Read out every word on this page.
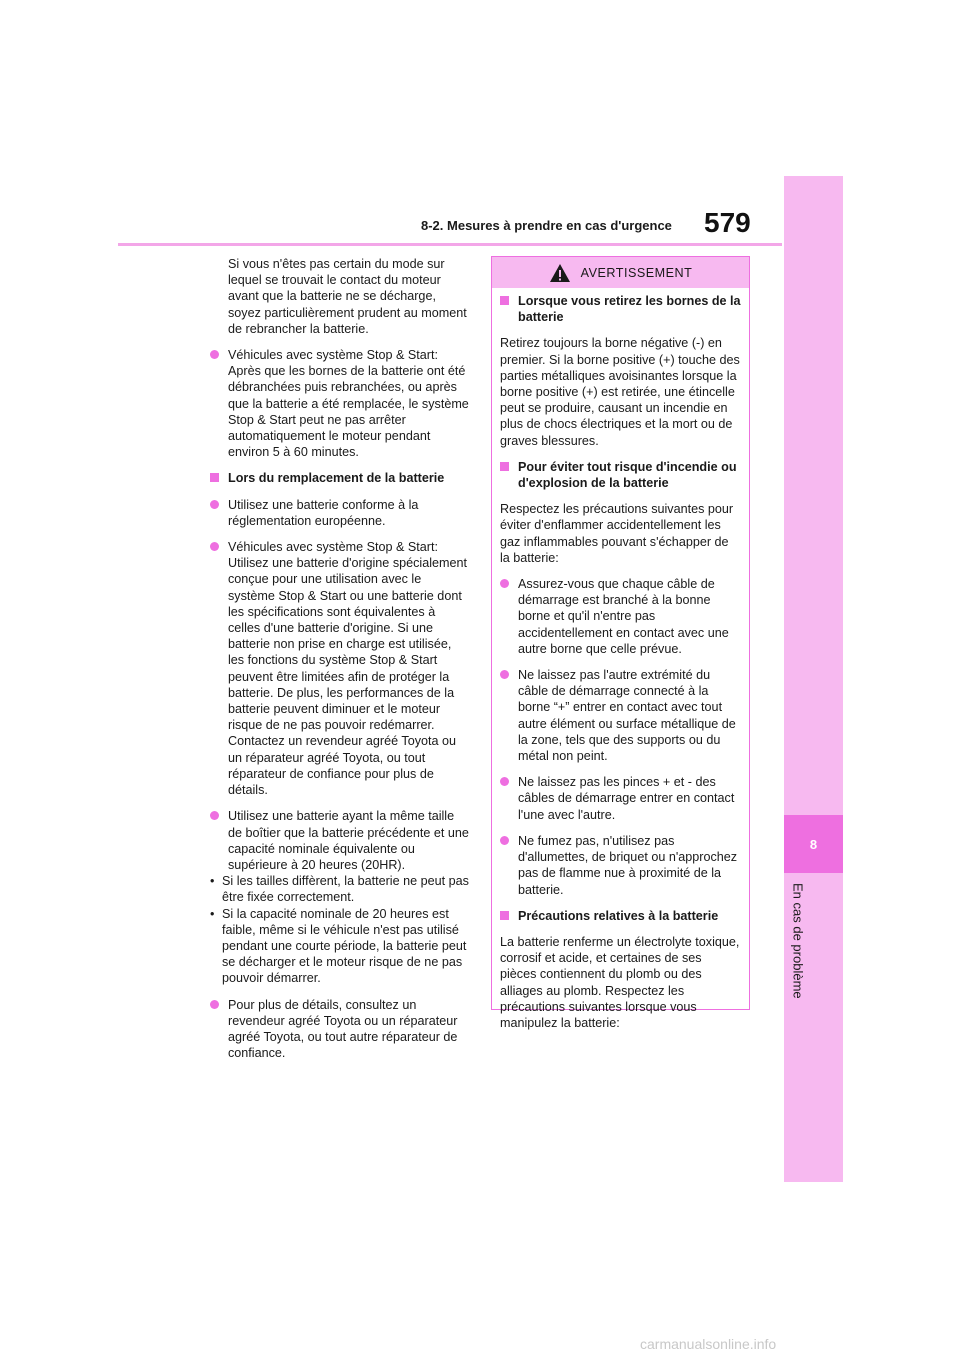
8-2. Mesures à prendre en cas d'urgence 579
8
En cas de problème

Si vous n'êtes pas certain du mode sur lequel se trouvait le contact du moteur avant que la batterie ne se décharge, soyez particulièrement prudent au moment de rebrancher la batterie.

Véhicules avec système Stop & Start: Après que les bornes de la batterie ont été débranchées puis rebranchées, ou après que la batterie a été remplacée, le système Stop & Start peut ne pas arrêter automatiquement le moteur pendant environ 5 à 60 minutes.
Lors du remplacement de la batterie
Utilisez une batterie conforme à la réglementation européenne.
Véhicules avec système Stop & Start: Utilisez une batterie d'origine spécialement conçue pour une utilisation avec le système Stop & Start ou une batterie dont les spécifications sont équivalentes à celles d'une batterie d'origine. Si une batterie non prise en charge est utilisée, les fonctions du système Stop & Start peuvent être limitées afin de protéger la batterie. De plus, les performances de la batterie peuvent diminuer et le moteur risque de ne pas pouvoir redémarrer. Contactez un revendeur agréé Toyota ou un réparateur agréé Toyota, ou tout réparateur de confiance pour plus de détails.
Utilisez une batterie ayant la même taille de boîtier que la batterie précédente et une capacité nominale équivalente ou supérieure à 20 heures (20HR).
• Si les tailles diffèrent, la batterie ne peut pas être fixée correctement.
• Si la capacité nominale de 20 heures est faible, même si le véhicule n'est pas utilisé pendant une courte période, la batterie peut se décharger et le moteur risque de ne pas pouvoir démarrer.
Pour plus de détails, consultez un revendeur agréé Toyota ou un réparateur agréé Toyota, ou tout autre réparateur de confiance.
AVERTISSEMENT
Lorsque vous retirez les bornes de la batterie

Retirez toujours la borne négative (-) en premier. Si la borne positive (+) touche des parties métalliques avoisinantes lorsque la borne positive (+) est retirée, une étincelle peut se produire, causant un incendie en plus de chocs électriques et la mort ou de graves blessures.

Pour éviter tout risque d'incendie ou d'explosion de la batterie

Respectez les précautions suivantes pour éviter d'enflammer accidentellement les gaz inflammables pouvant s'échapper de la batterie:

Assurez-vous que chaque câble de démarrage est branché à la bonne borne et qu'il n'entre pas accidentellement en contact avec une autre borne que celle prévue.
Ne laissez pas l'autre extrémité du câble de démarrage connecté à la borne “+” entrer en contact avec tout autre élément ou surface métallique de la zone, tels que des supports ou du métal non peint.
Ne laissez pas les pinces + et - des câbles de démarrage entrer en contact l'une avec l'autre.
Ne fumez pas, n'utilisez pas d'allumettes, de briquet ou n'approchez pas de flamme nue à proximité de la batterie.
Précautions relatives à la batterie

La batterie renferme un électrolyte toxique, corrosif et acide, et certaines de ses pièces contiennent du plomb ou des alliages au plomb. Respectez les précautions suivantes lorsque vous manipulez la batterie:

carmanualsonline.info
